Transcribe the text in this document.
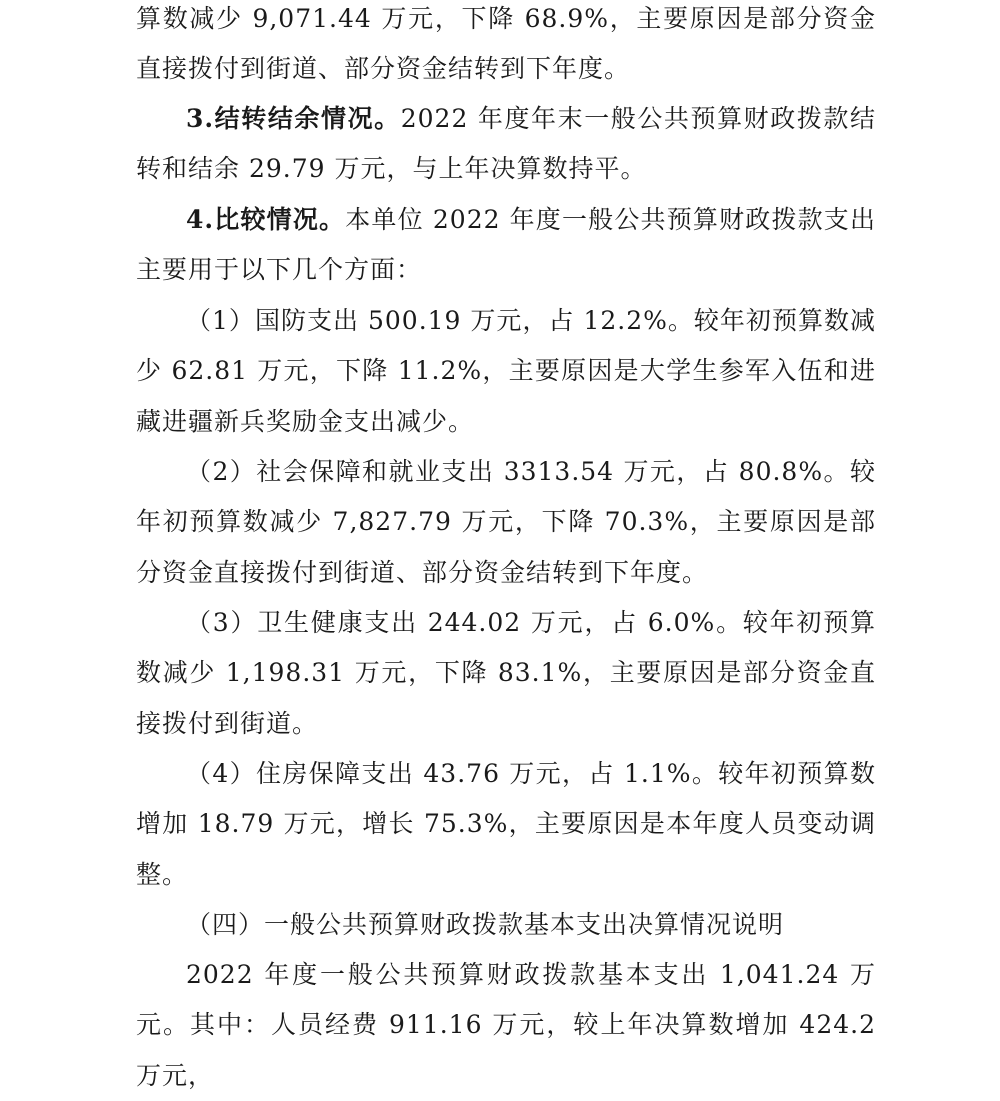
算数减少 9,071.44 万元，下降 68.9%，主要原因是部分资金直接拨付到街道、部分资金结转到下年度。

3.结转结余情况。2022 年度年末一般公共预算财政拨款结转和结余 29.79 万元，与上年决算数持平。

4.比较情况。本单位 2022 年度一般公共预算财政拨款支出主要用于以下几个方面：

（1）国防支出 500.19 万元，占 12.2%。较年初预算数减少 62.81 万元，下降 11.2%，主要原因是大学生参军入伍和进藏进疆新兵奖励金支出减少。

（2）社会保障和就业支出 3313.54 万元，占 80.8%。较年初预算数减少 7,827.79 万元，下降 70.3%，主要原因是部分资金直接拨付到街道、部分资金结转到下年度。

（3）卫生健康支出 244.02 万元，占 6.0%。较年初预算数减少 1,198.31 万元，下降 83.1%，主要原因是部分资金直接拨付到街道。

（4）住房保障支出 43.76 万元，占 1.1%。较年初预算数增加 18.79 万元，增长 75.3%，主要原因是本年度人员变动调整。

（四）一般公共预算财政拨款基本支出决算情况说明

2022 年度一般公共预算财政拨款基本支出 1,041.24 万元。其中：人员经费 911.16 万元，较上年决算数增加 424.2 万元，
